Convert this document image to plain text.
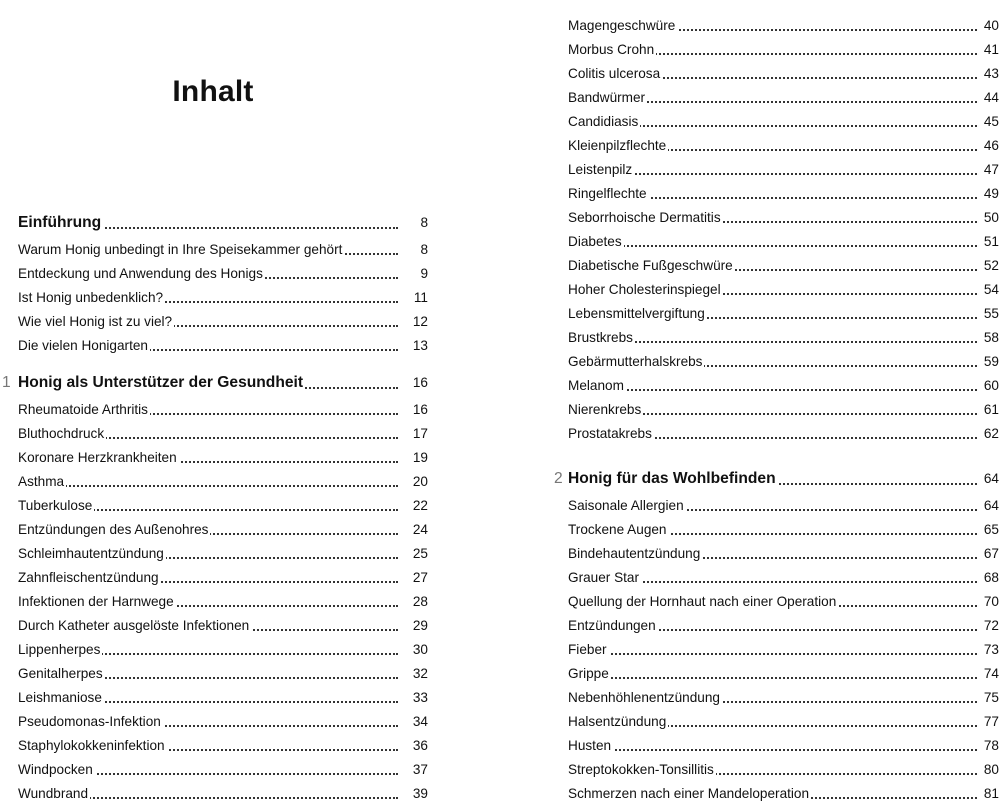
Inhalt
Einführung	8
Warum Honig unbedingt in Ihre Speisekammer gehört	8
Entdeckung und Anwendung des Honigs	9
Ist Honig unbedenklich?	11
Wie viel Honig ist zu viel?	12
Die vielen Honigarten	13
1 Honig als Unterstützer der Gesundheit	16
Rheumatoide Arthritis	16
Bluthochdruck	17
Koronare Herzkrankheiten	19
Asthma	20
Tuberkulose	22
Entzündungen des Außenohres	24
Schleimhautentzündung	25
Zahnfleischentzündung	27
Infektionen der Harnwege	28
Durch Katheter ausgelöste Infektionen	29
Lippenherpes	30
Genitalherpes	32
Leishmaniose	33
Pseudomonas-Infektion	34
Staphylokokkeninfektion	36
Windpocken	37
Wundbrand	39
Magengeschwüre	40
Morbus Crohn	41
Colitis ulcerosa	43
Bandwürmer	44
Candidiasis	45
Kleienpilzflechte	46
Leistenpilz	47
Ringelflechte	49
Seborrhoische Dermatitis	50
Diabetes	51
Diabetische Fußgeschwüre	52
Hoher Cholesterinspiegel	54
Lebensmittelvergiftung	55
Brustkrebs	58
Gebärmutterhalskrebs	59
Melanom	60
Nierenkrebs	61
Prostatakrebs	62
2 Honig für das Wohlbefinden	64
Saisonale Allergien	64
Trockene Augen	65
Bindehautentzündung	67
Grauer Star	68
Quellung der Hornhaut nach einer Operation	70
Entzündungen	72
Fieber	73
Grippe	74
Nebenhöhlenentzündung	75
Halsentzündung	77
Husten	78
Streptokokken-Tonsillitis	80
Schmerzen nach einer Mandeloperation	81
